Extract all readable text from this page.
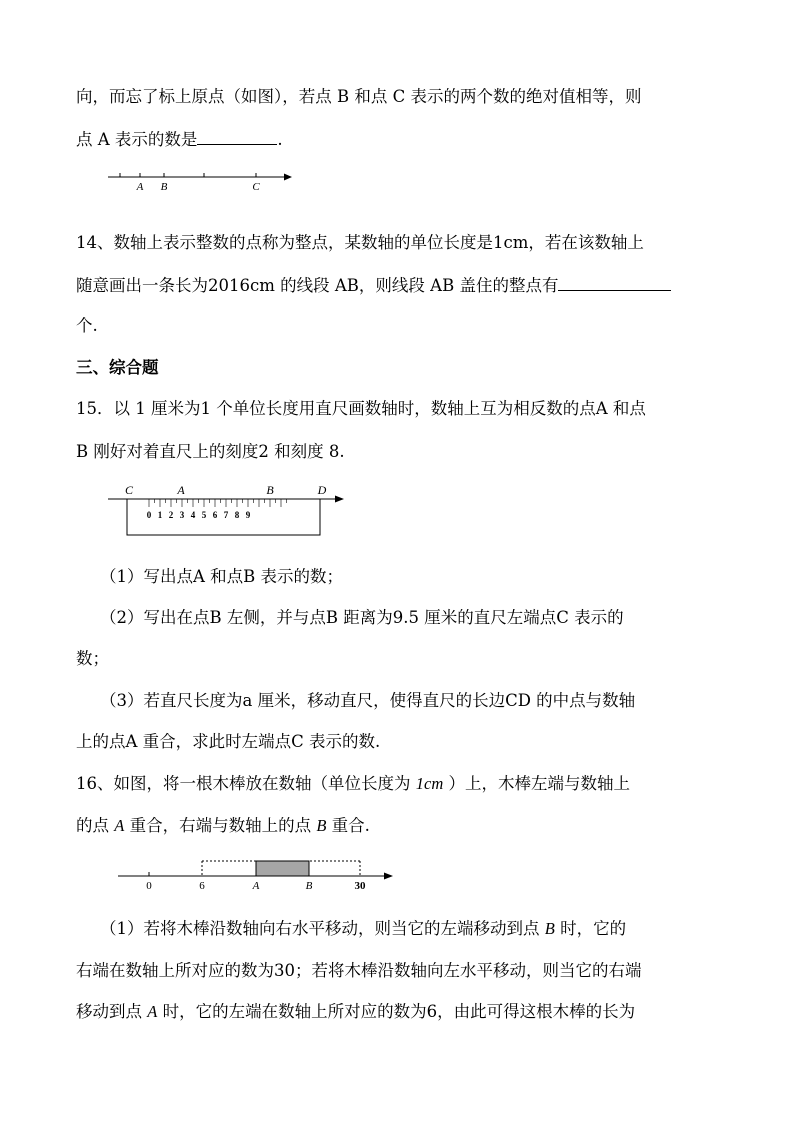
向，而忘了标上原点（如图），若点 B 和点 C 表示的两个数的绝对值相等，则
点 A 表示的数是	.
A B	C
14、数轴上表示整数的点称为整点，某数轴的单位长度是1cm，若在该数轴上
随意画出一条长为2016cm 的线段 AB，则线段 AB 盖住的整点有
个.
三、综合题
15．以 1 厘米为1 个单位长度用直尺画数轴时，数轴上互为相反数的点A 和点
B 刚好对着直尺上的刻度2 和刻度 8.
0 1 2 3 4 5 6 7 8 9
C	A	B	D
（1）写出点A 和点B 表示的数；
（2）写出在点B 左侧，并与点B 距离为9.5 厘米的直尺左端点C 表示的
数；
（3）若直尺长度为a 厘米，移动直尺，使得直尺的长边CD 的中点与数轴
上的点A 重合，求此时左端点C 表示的数.
16、如图，将一根木棒放在数轴（单位长度为 1cm ）上，木棒左端与数轴上
的点 A 重合，右端与数轴上的点 B 重合.
0	6	A	B	30
（1）若将木棒沿数轴向右水平移动，则当它的左端移动到点 B 时，它的
右端在数轴上所对应的数为30；若将木棒沿数轴向左水平移动，则当它的右端
移动到点 A 时，它的左端在数轴上所对应的数为6，由此可得这根木棒的长为
